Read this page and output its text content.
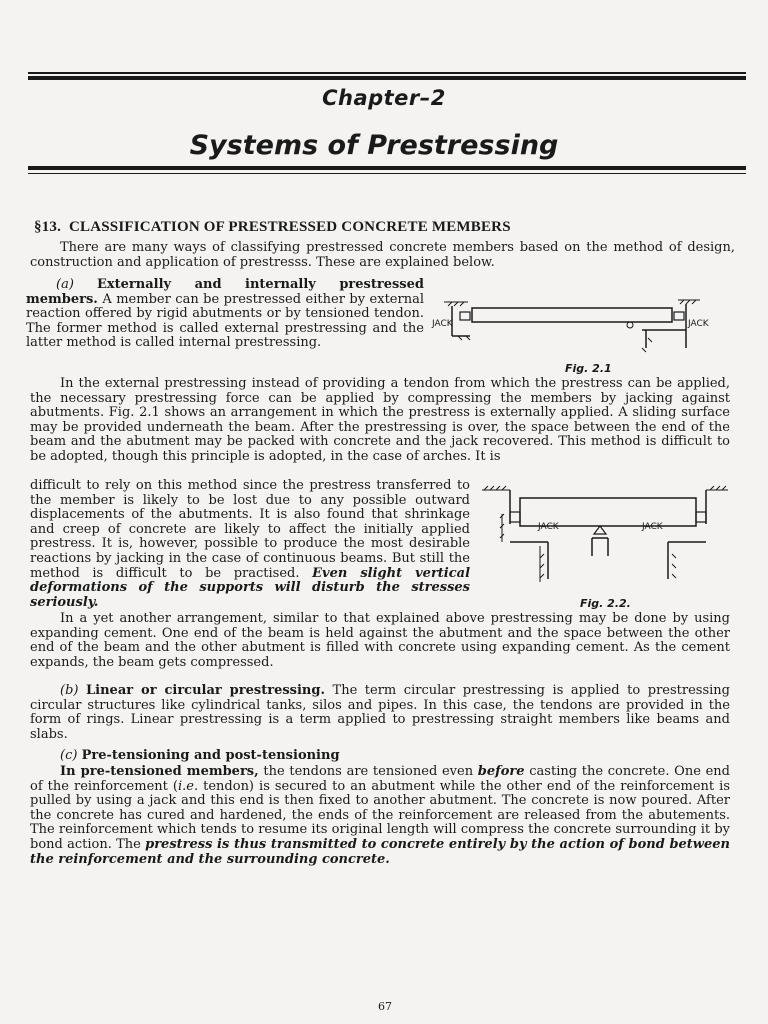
Chapter–2
Systems of Prestressing
§13. CLASSIFICATION OF PRESTRESSED CONCRETE MEMBERS

There are many ways of classifying prestressed concrete members based on the method of design, construction and application of prestresss. These are explained below.

(a) Externally and internally prestressed members. A member can be prestressed either by external reaction offered by rigid abutments or by tensioned tendon. The former method is called external prestressing and the latter method is called internal prestressing.

JACK	JACK
Fig. 2.1

In the external prestressing instead of providing a tendon from which the prestress can be applied, the necessary prestressing force can be applied by compressing the members by jacking against abutments. Fig. 2.1 shows an arrangement in which the prestress is externally applied. A sliding surface may be provided underneath the beam. After the prestressing is over, the space between the end of the beam and the abutment may be packed with concrete and the jack recovered. This method is difficult to be adopted, though this principle is adopted, in the case of arches. It is

difficult to rely on this method since the prestress transferred to the member is likely to be lost due to any possible outward displacements of the abutments. It is also found that shrinkage and creep of concrete are likely to affect the initially applied prestress. It is, however, possible to produce the most desirable reactions by jacking in the case of continuous beams. But still the method is difficult to be practised. Even slight vertical deformations of the supports will disturb the stresses seriously.

JACK	JACK
Fig. 2.2.

In a yet another arrangement, similar to that explained above prestressing may be done by using expanding cement. One end of the beam is held against the abutment and the space between the other end of the beam and the other abutment is filled with concrete using expanding cement. As the cement expands, the beam gets compressed.

(b) Linear or circular prestressing. The term circular prestressing is applied to prestressing circular structures like cylindrical tanks, silos and pipes. In this case, the tendons are provided in the form of rings. Linear prestressing is a term applied to prestressing straight members like beams and slabs.

(c) Pre-tensioning and post-tensioning

In pre-tensioned members, the tendons are tensioned even before casting the concrete. One end of the reinforcement (i.e. tendon) is secured to an abutment while the other end of the reinforcement is pulled by using a jack and this end is then fixed to another abutment. The concrete is now poured. After the concrete has cured and hardened, the ends of the reinforcement are released from the abutements. The reinforcement which tends to resume its original length will compress the concrete surrounding it by bond action. The prestress is thus transmitted to concrete entirely by the action of bond between the reinforcement and the surrounding concrete.

67
